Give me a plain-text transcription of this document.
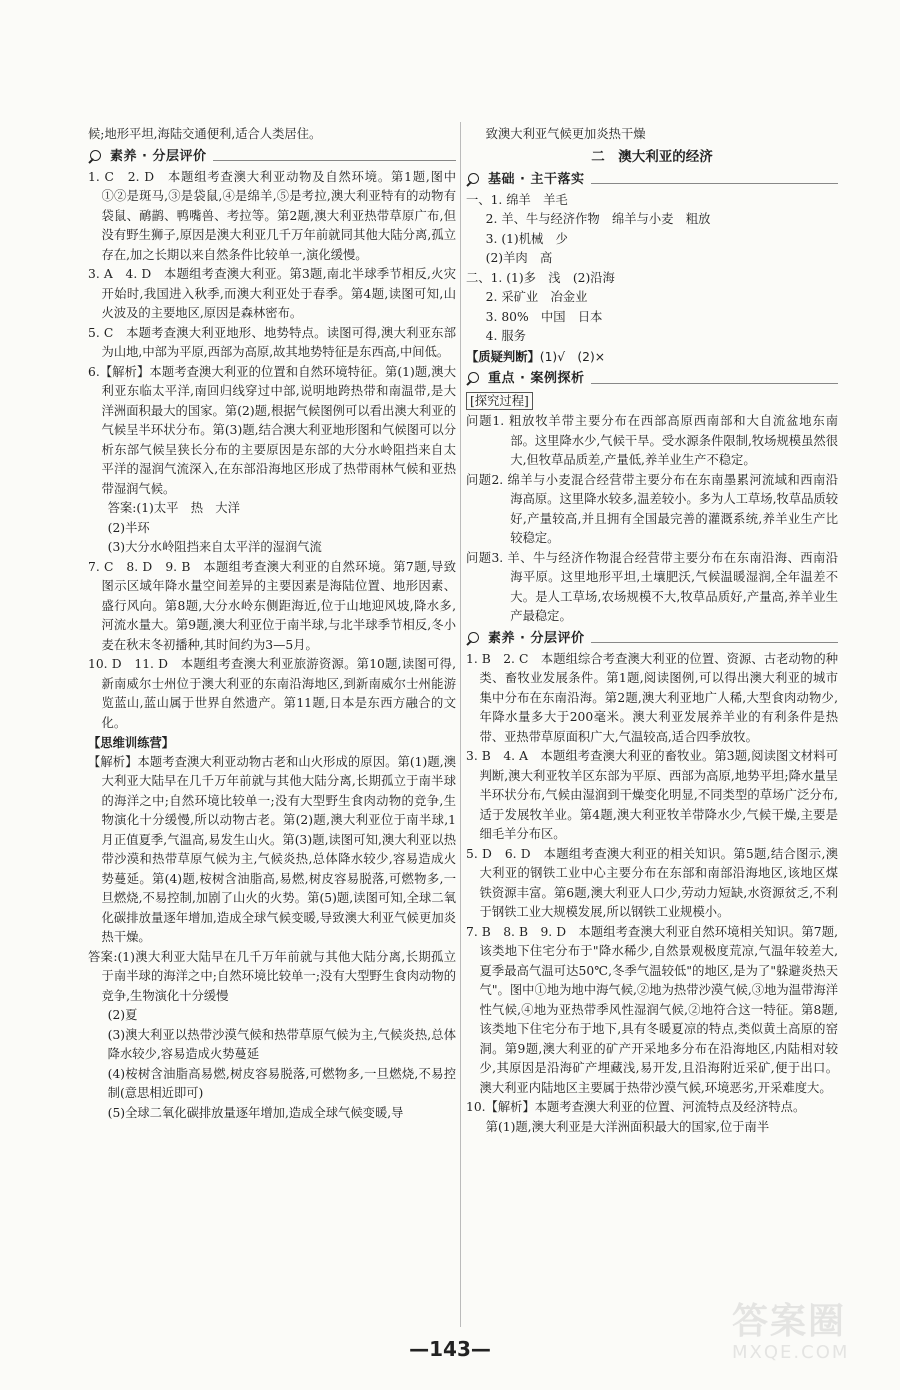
候;地形平坦,海陆交通便利,适合人类居住。

素养 · 分层评价

1. C　2. D　本题组考查澳大利亚动物及自然环境。第1题,图中①②是斑马,③是袋鼠,④是绵羊,⑤是考拉,澳大利亚特有的动物有袋鼠、鸸鹋、鸭嘴兽、考拉等。第2题,澳大利亚热带草原广布,但没有野生狮子,原因是澳大利亚几千万年前就同其他大陆分离,孤立存在,加之长期以来自然条件比较单一,演化缓慢。

3. A　4. D　本题组考查澳大利亚。第3题,南北半球季节相反,火灾开始时,我国进入秋季,而澳大利亚处于春季。第4题,读图可知,山火波及的主要地区,原因是森林密布。

5. C　本题考查澳大利亚地形、地势特点。读图可得,澳大利亚东部为山地,中部为平原,西部为高原,故其地势特征是东西高,中间低。

6.【解析】本题考查澳大利亚的位置和自然环境特征。第(1)题,澳大利亚东临太平洋,南回归线穿过中部,说明地跨热带和南温带,是大洋洲面积最大的国家。第(2)题,根据气候图例可以看出澳大利亚的气候呈半环状分布。第(3)题,结合澳大利亚地形图和气候图可以分析东部气候呈狭长分布的主要原因是东部的大分水岭阻挡来自太平洋的湿润气流深入,在东部沿海地区形成了热带雨林气候和亚热带湿润气候。

答案:(1)太平　热　大洋

(2)半环

(3)大分水岭阻挡来自太平洋的湿润气流

7. C　8. D　9. B　本题组考查澳大利亚的自然环境。第7题,导致图示区域年降水量空间差异的主要因素是海陆位置、地形因素、盛行风向。第8题,大分水岭东侧距海近,位于山地迎风坡,降水多,河流水量大。第9题,澳大利亚位于南半球,与北半球季节相反,冬小麦在秋末冬初播种,其时间约为3—5月。

10. D　11. D　本题组考查澳大利亚旅游资源。第10题,读图可得,新南威尔士州位于澳大利亚的东南沿海地区,到新南威尔士州能游览蓝山,蓝山属于世界自然遗产。第11题,日本是东西方融合的文化。

【思维训练营】

【解析】本题考查澳大利亚动物古老和山火形成的原因。第(1)题,澳大利亚大陆早在几千万年前就与其他大陆分离,长期孤立于南半球的海洋之中;自然环境比较单一;没有大型野生食肉动物的竞争,生物演化十分缓慢,所以动物古老。第(2)题,澳大利亚位于南半球,1月正值夏季,气温高,易发生山火。第(3)题,读图可知,澳大利亚以热带沙漠和热带草原气候为主,气候炎热,总体降水较少,容易造成火势蔓延。第(4)题,桉树含油脂高,易燃,树皮容易脱落,可燃物多,一旦燃烧,不易控制,加剧了山火的火势。第(5)题,读图可知,全球二氧化碳排放量逐年增加,造成全球气候变暖,导致澳大利亚气候更加炎热干燥。

答案:(1)澳大利亚大陆早在几千万年前就与其他大陆分离,长期孤立于南半球的海洋之中;自然环境比较单一;没有大型野生食肉动物的竞争,生物演化十分缓慢

(2)夏

(3)澳大利亚以热带沙漠气候和热带草原气候为主,气候炎热,总体降水较少,容易造成火势蔓延

(4)桉树含油脂高易燃,树皮容易脱落,可燃物多,一旦燃烧,不易控制(意思相近即可)

(5)全球二氧化碳排放量逐年增加,造成全球气候变暖,导

致澳大利亚气候更加炎热干燥

二　澳大利亚的经济
基础 · 主干落实

一、1. 绵羊　羊毛

2. 羊、牛与经济作物　绵羊与小麦　粗放

3. (1)机械　少

(2)羊肉　高

二、1. (1)多　浅　(2)沿海

2. 采矿业　冶金业

3. 80%　中国　日本

4. 服务

【质疑判断】(1)√　(2)×

重点 · 案例探析
[探究过程]

问题1. 粗放牧羊带主要分布在西部高原西南部和大自流盆地东南部。这里降水少,气候干旱。受水源条件限制,牧场规模虽然很大,但牧草品质差,产量低,养羊业生产不稳定。

问题2. 绵羊与小麦混合经营带主要分布在东南墨累河流域和西南沿海高原。这里降水较多,温差较小。多为人工草场,牧草品质较好,产量较高,并且拥有全国最完善的灌溉系统,养羊业生产比较稳定。

问题3. 羊、牛与经济作物混合经营带主要分布在东南沿海、西南沿海平原。这里地形平坦,土壤肥沃,气候温暖湿润,全年温差不大。是人工草场,农场规模不大,牧草品质好,产量高,养羊业生产最稳定。

素养 · 分层评价

1. B　2. C　本题组综合考查澳大利亚的位置、资源、古老动物的种类、畜牧业发展条件。第1题,阅读图例,可以得出澳大利亚的城市集中分布在东南沿海。第2题,澳大利亚地广人稀,大型食肉动物少,年降水量多大于200毫米。澳大利亚发展养羊业的有利条件是热带、亚热带草原面积广大,气温较高,适合四季放牧。

3. B　4. A　本题组考查澳大利亚的畜牧业。第3题,阅读图文材料可判断,澳大利亚牧羊区东部为平原、西部为高原,地势平坦;降水量呈半环状分布,气候由湿润到干燥变化明显,不同类型的草场广泛分布,适于发展牧羊业。第4题,澳大利亚牧羊带降水少,气候干燥,主要是细毛羊分布区。

5. D　6. D　本题组考查澳大利亚的相关知识。第5题,结合图示,澳大利亚的钢铁工业中心主要分布在东部和南部沿海地区,该地区煤铁资源丰富。第6题,澳大利亚人口少,劳动力短缺,水资源贫乏,不利于钢铁工业大规模发展,所以钢铁工业规模小。

7. B　8. B　9. D　本题组考查澳大利亚自然环境相关知识。第7题,该类地下住宅分布于"降水稀少,自然景观极度荒凉,气温年较差大,夏季最高气温可达50℃,冬季气温较低"的地区,是为了"躲避炎热天气"。图中①地为地中海气候,②地为热带沙漠气候,③地为温带海洋性气候,④地为亚热带季风性湿润气候,②地符合这一特征。第8题,该类地下住宅分布于地下,具有冬暖夏凉的特点,类似黄土高原的窑洞。第9题,澳大利亚的矿产开采地多分布在沿海地区,内陆相对较少,其原因是沿海矿产埋藏浅,易开发,且沿海附近采矿,便于出口。澳大利亚内陆地区主要属于热带沙漠气候,环境恶劣,开采难度大。

10.【解析】本题考查澳大利亚的位置、河流特点及经济特点。

第(1)题,澳大利亚是大洋洲面积最大的国家,位于南半

—143—
答案圈
MXQE.COM
